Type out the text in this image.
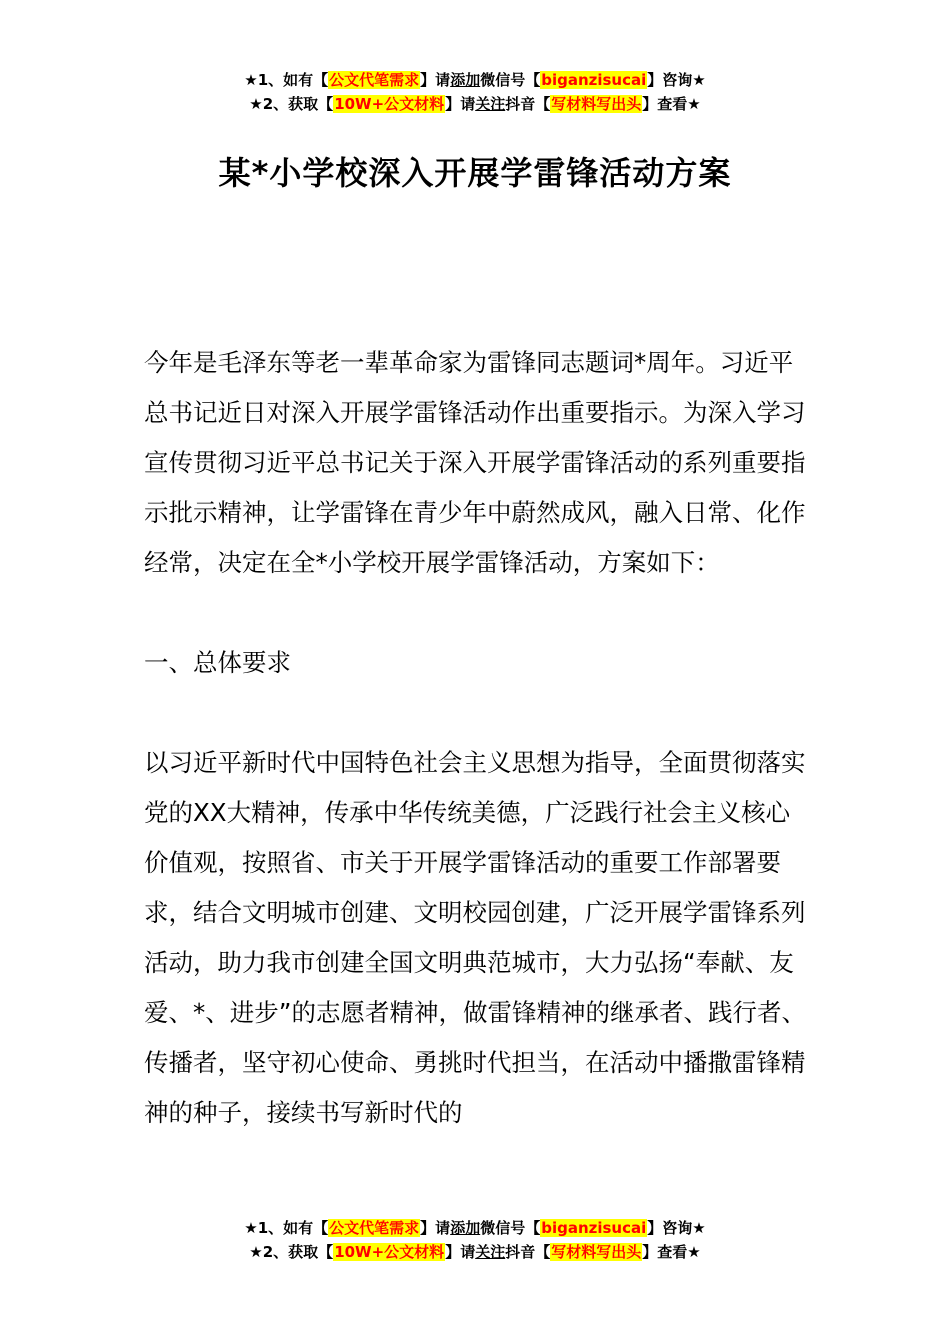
★1、如有【公文代笔需求】请添加微信号【biganzisucai】咨询★
★2、获取【10W+公文材料】请关注抖音【写材料写出头】查看★
某*小学校深入开展学雷锋活动方案

今年是毛泽东等老一辈革命家为雷锋同志题词*周年。习近平总书记近日对深入开展学雷锋活动作出重要指示。为深入学习宣传贯彻习近平总书记关于深入开展学雷锋活动的系列重要指示批示精神，让学雷锋在青少年中蔚然成风，融入日常、化作经常，决定在全*小学校开展学雷锋活动，方案如下：

一、总体要求

以习近平新时代中国特色社会主义思想为指导，全面贯彻落实党的XX大精神，传承中华传统美德，广泛践行社会主义核心价值观，按照省、市关于开展学雷锋活动的重要工作部署要求，结合文明城市创建、文明校园创建，广泛开展学雷锋系列活动，助力我市创建全国文明典范城市，大力弘扬“奉献、友爱、*、进步”的志愿者精神，做雷锋精神的继承者、践行者、传播者，坚守初心使命、勇挑时代担当，在活动中播撒雷锋精神的种子，接续书写新时代的

★1、如有【公文代笔需求】请添加微信号【biganzisucai】咨询★
★2、获取【10W+公文材料】请关注抖音【写材料写出头】查看★
